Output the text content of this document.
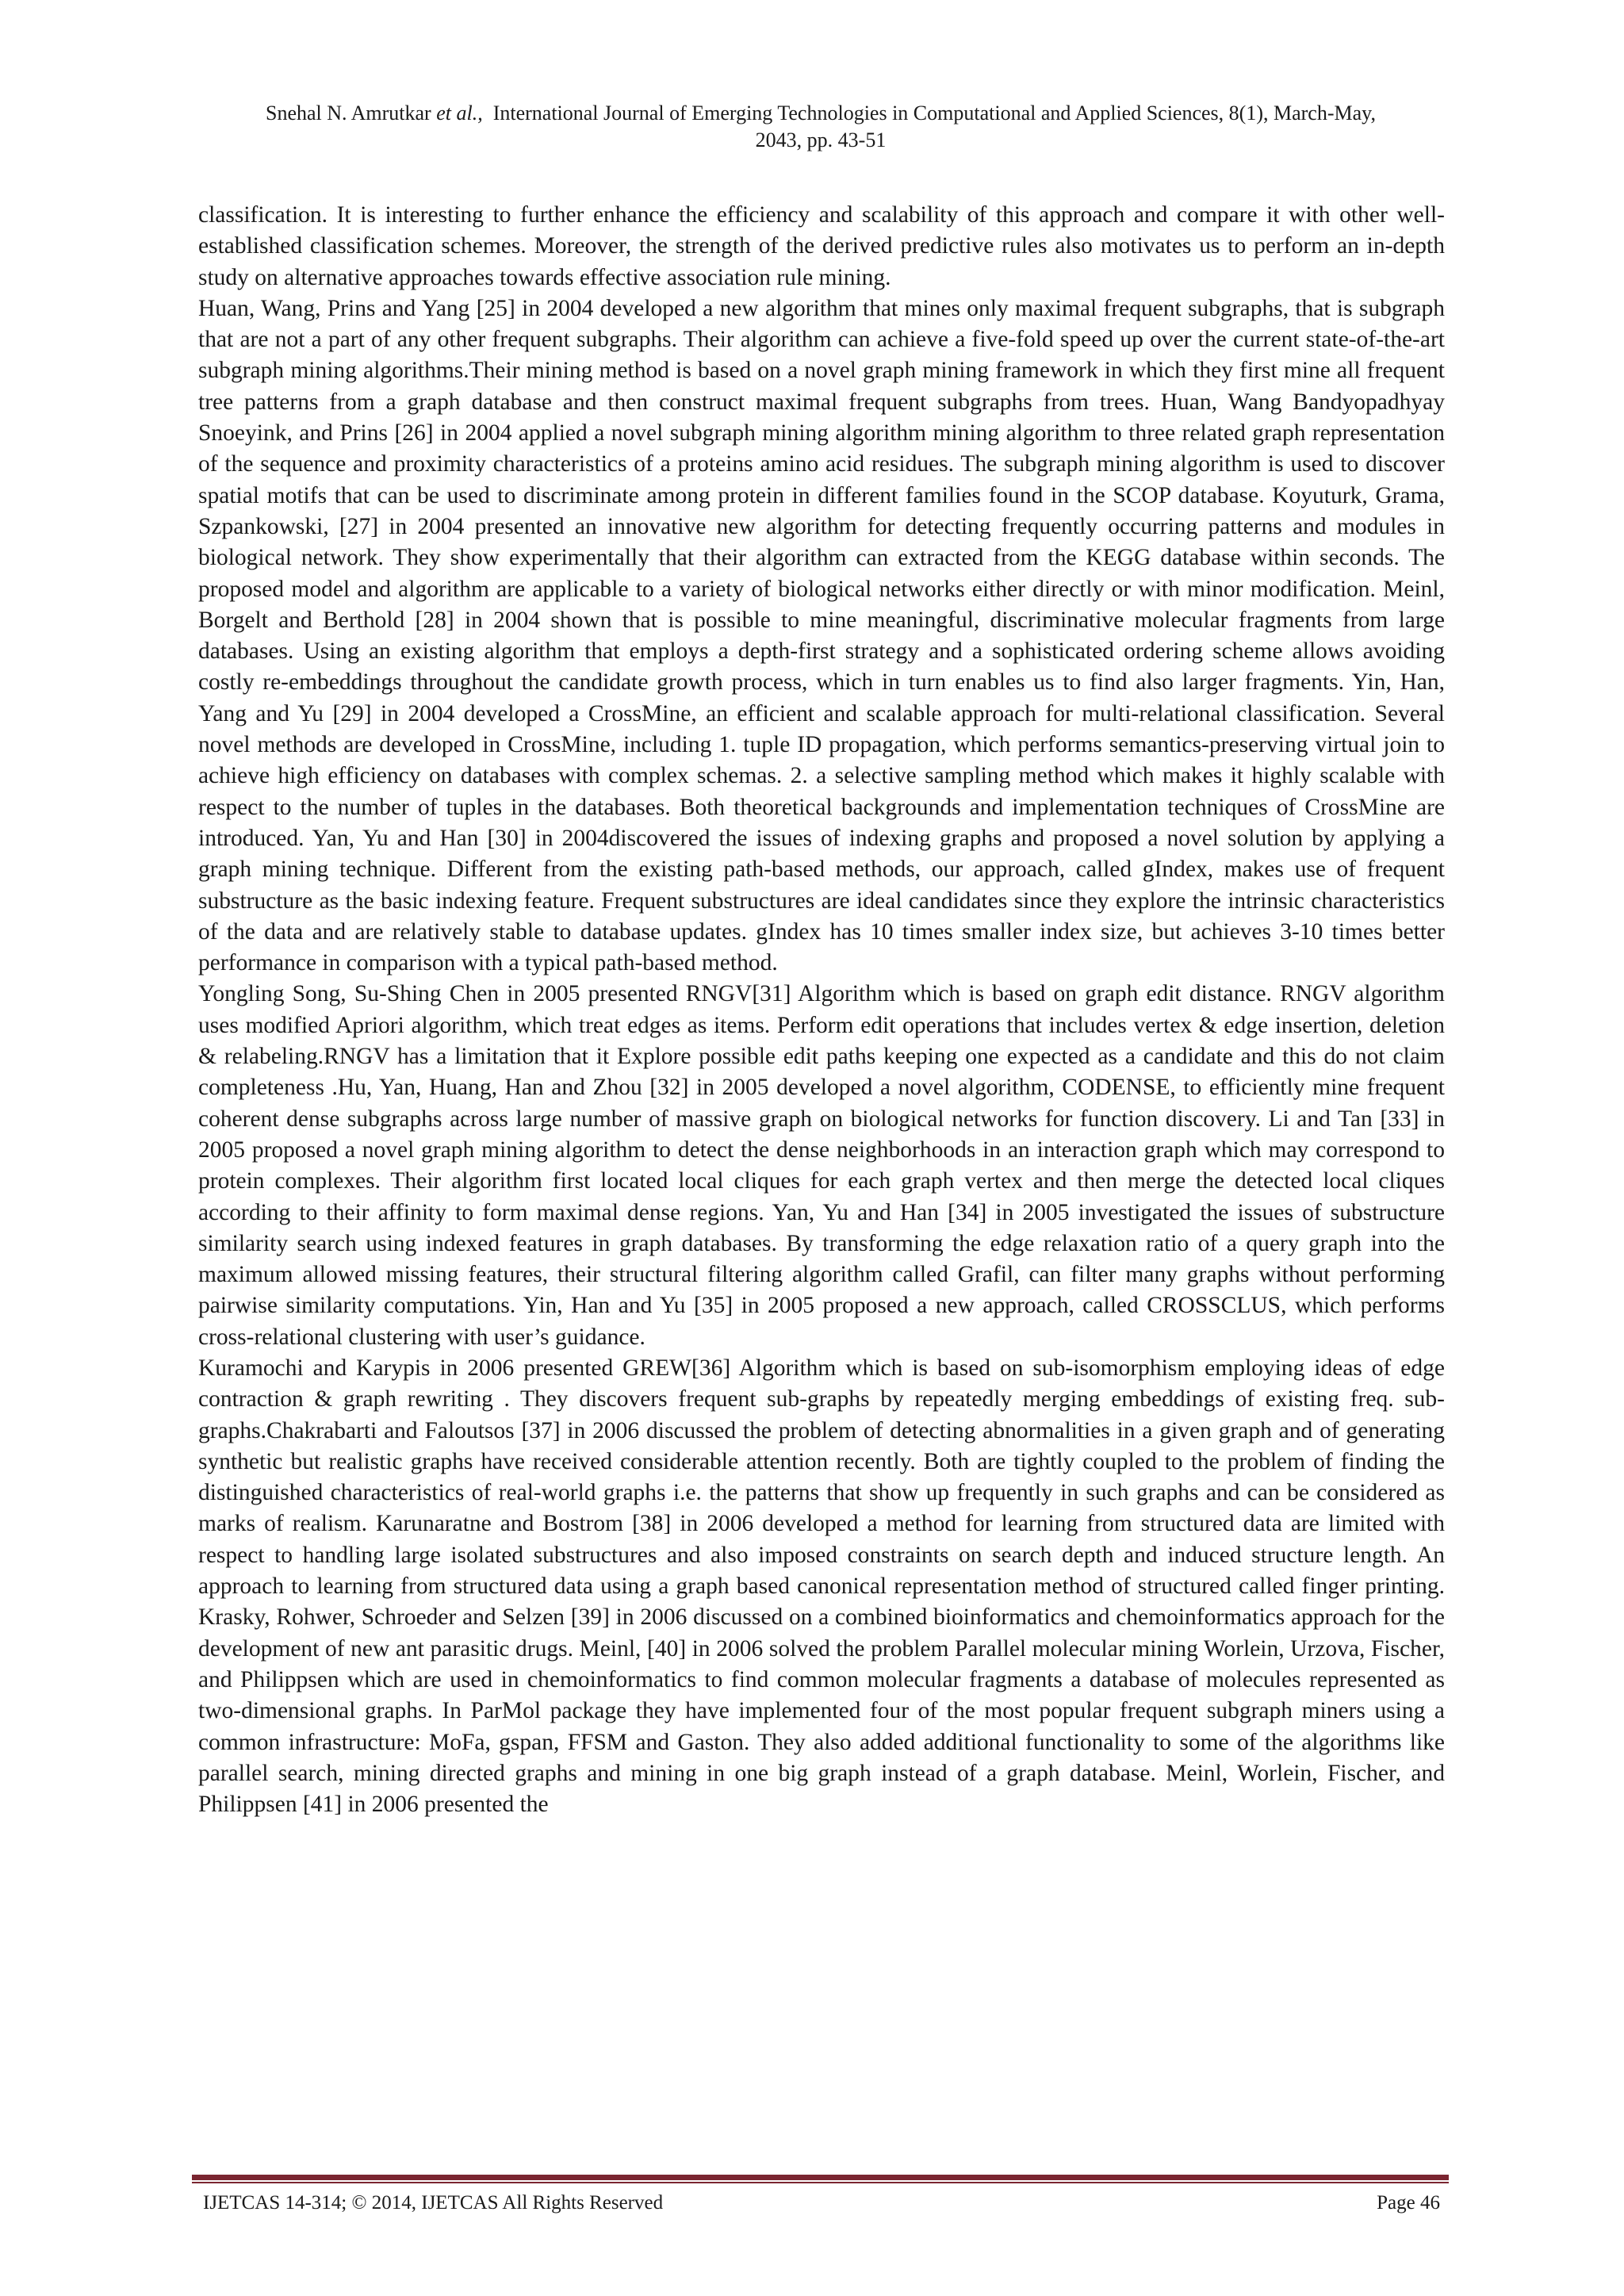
Snehal N. Amrutkar et al., International Journal of Emerging Technologies in Computational and Applied Sciences, 8(1), March-May,
2043, pp. 43-51

classification. It is interesting to further enhance the efficiency and scalability of this approach and compare it with other well-established classification schemes. Moreover, the strength of the derived predictive rules also motivates us to perform an in-depth study on alternative approaches towards effective association rule mining.

Huan, Wang, Prins and Yang [25] in 2004 developed a new algorithm that mines only maximal frequent subgraphs, that is subgraph that are not a part of any other frequent subgraphs. Their algorithm can achieve a five-fold speed up over the current state-of-the-art subgraph mining algorithms.Their mining method is based on a novel graph mining framework in which they first mine all frequent tree patterns from a graph database and then construct maximal frequent subgraphs from trees. Huan, Wang Bandyopadhyay Snoeyink, and Prins [26] in 2004 applied a novel subgraph mining algorithm mining algorithm to three related graph representation of the sequence and proximity characteristics of a proteins amino acid residues. The subgraph mining algorithm is used to discover spatial motifs that can be used to discriminate among protein in different families found in the SCOP database. Koyuturk, Grama, Szpankowski, [27] in 2004 presented an innovative new algorithm for detecting frequently occurring patterns and modules in biological network. They show experimentally that their algorithm can extracted from the KEGG database within seconds. The proposed model and algorithm are applicable to a variety of biological networks either directly or with minor modification. Meinl, Borgelt and Berthold [28] in 2004 shown that is possible to mine meaningful, discriminative molecular fragments from large databases. Using an existing algorithm that employs a depth-first strategy and a sophisticated ordering scheme allows avoiding costly re-embeddings throughout the candidate growth process, which in turn enables us to find also larger fragments. Yin, Han, Yang and Yu [29] in 2004 developed a CrossMine, an efficient and scalable approach for multi-relational classification. Several novel methods are developed in CrossMine, including 1. tuple ID propagation, which performs semantics-preserving virtual join to achieve high efficiency on databases with complex schemas. 2. a selective sampling method which makes it highly scalable with respect to the number of tuples in the databases. Both theoretical backgrounds and implementation techniques of CrossMine are introduced. Yan, Yu and Han [30] in 2004discovered the issues of indexing graphs and proposed a novel solution by applying a graph mining technique. Different from the existing path-based methods, our approach, called gIndex, makes use of frequent substructure as the basic indexing feature. Frequent substructures are ideal candidates since they explore the intrinsic characteristics of the data and are relatively stable to database updates. gIndex has 10 times smaller index size, but achieves 3-10 times better performance in comparison with a typical path-based method.

Yongling Song, Su-Shing Chen in 2005 presented RNGV[31] Algorithm which is based on graph edit distance. RNGV algorithm uses modified Apriori algorithm, which treat edges as items. Perform edit operations that includes vertex & edge insertion, deletion & relabeling.RNGV has a limitation that it Explore possible edit paths keeping one expected as a candidate and this do not claim completeness .Hu, Yan, Huang, Han and Zhou [32] in 2005 developed a novel algorithm, CODENSE, to efficiently mine frequent coherent dense subgraphs across large number of massive graph on biological networks for function discovery. Li and Tan [33] in 2005 proposed a novel graph mining algorithm to detect the dense neighborhoods in an interaction graph which may correspond to protein complexes. Their algorithm first located local cliques for each graph vertex and then merge the detected local cliques according to their affinity to form maximal dense regions. Yan, Yu and Han [34] in 2005 investigated the issues of substructure similarity search using indexed features in graph databases. By transforming the edge relaxation ratio of a query graph into the maximum allowed missing features, their structural filtering algorithm called Grafil, can filter many graphs without performing pairwise similarity computations. Yin, Han and Yu [35] in 2005 proposed a new approach, called CROSSCLUS, which performs cross-relational clustering with user’s guidance.

Kuramochi and Karypis in 2006 presented GREW[36] Algorithm which is based on sub-isomorphism employing ideas of edge contraction & graph rewriting . They discovers frequent sub-graphs by repeatedly merging embeddings of existing freq. sub-graphs.Chakrabarti and Faloutsos [37] in 2006 discussed the problem of detecting abnormalities in a given graph and of generating synthetic but realistic graphs have received considerable attention recently. Both are tightly coupled to the problem of finding the distinguished characteristics of real-world graphs i.e. the patterns that show up frequently in such graphs and can be considered as marks of realism. Karunaratne and Bostrom [38] in 2006 developed a method for learning from structured data are limited with respect to handling large isolated substructures and also imposed constraints on search depth and induced structure length. An approach to learning from structured data using a graph based canonical representation method of structured called finger printing. Krasky, Rohwer, Schroeder and Selzen [39] in 2006 discussed on a combined bioinformatics and chemoinformatics approach for the development of new ant parasitic drugs. Meinl, [40] in 2006 solved the problem Parallel molecular mining Worlein, Urzova, Fischer, and Philippsen which are used in chemoinformatics to find common molecular fragments a database of molecules represented as two-dimensional graphs. In ParMol package they have implemented four of the most popular frequent subgraph miners using a common infrastructure: MoFa, gspan, FFSM and Gaston. They also added additional functionality to some of the algorithms like parallel search, mining directed graphs and mining in one big graph instead of a graph database. Meinl, Worlein, Fischer, and Philippsen [41] in 2006 presented the

IJETCAS 14-314; © 2014, IJETCAS All Rights Reserved	Page 46
